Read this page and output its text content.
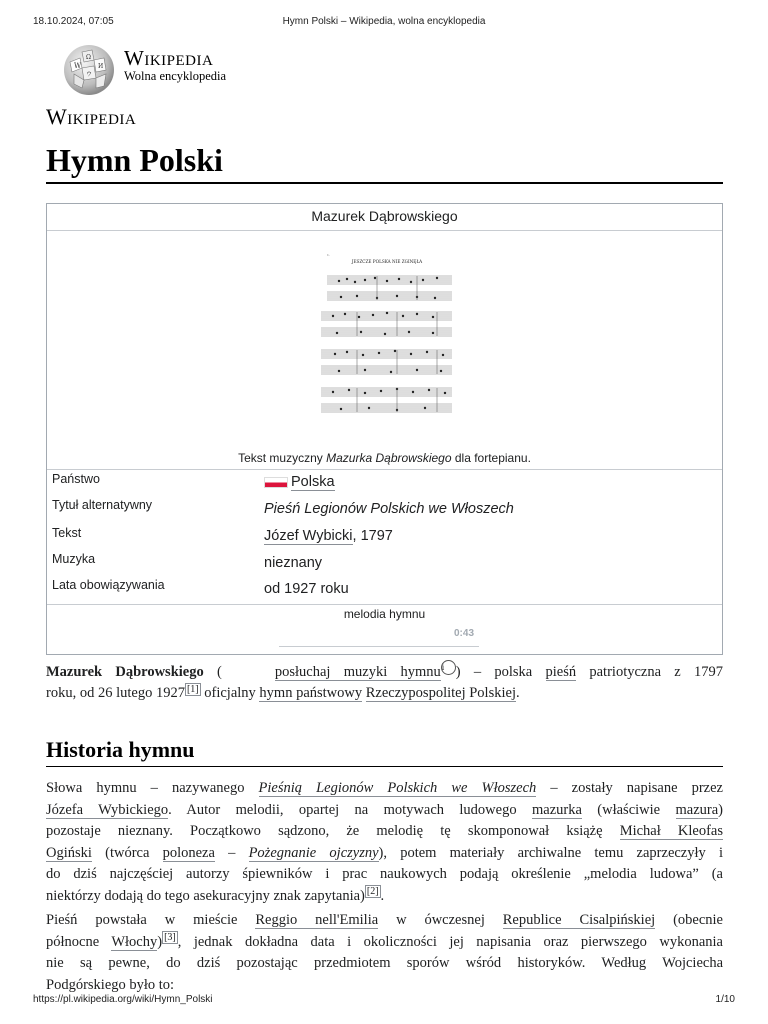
18.10.2024, 07:05	Hymn Polski – Wikipedia, wolna encyklopedia
W
Ω
И
ウ
Wikipedia
Wolna encyklopedia
Wikipedia
Hymn Polski
Mazurek Dąbrowskiego
1.
JESZCZE POLSKA NIE ZGINĘŁA
Tekst muzyczny Mazurka Dąbrowskiego dla fortepianu.
Państwo	Polska
Tytuł alternatywny	Pieśń Legionów Polskich we Włoszech
Tekst	Józef Wybicki, 1797
Muzyka	nieznany
Lata obowiązywania	od 1927 roku
melodia hymnu
0:43

Mazurek Dąbrowskiego (	posłuchaj muzyki hymnui ) – polska pieśń patriotyczna z 1797
roku, od 26 lutego 1927 [1] oficjalny hymn państwowy Rzeczypospolitej Polskiej.

Historia hymnu

Słowa hymnu – nazywanego Pieśnią Legionów Polskich we Włoszech – zostały napisane przez
Józefa Wybickiego. Autor melodii, opartej na motywach ludowego mazurka (właściwie mazura)
pozostaje nieznany. Początkowo sądzono, że melodię tę skomponował książę Michał Kleofas
Ogiński (twórca poloneza – Pożegnanie ojczyzny), potem materiały archiwalne temu zaprzeczyły i
do dziś najczęściej autorzy śpiewników i prac naukowych podają określenie „melodia ludowa” (a
niektórzy dodają do tego asekuracyjny znak zapytania) [2] .

Pieśń powstała w mieście Reggio nell'Emilia w ówczesnej Republice Cisalpińskiej (obecnie
północne Włochy) [3] , jednak dokładna data i okoliczności jej napisania oraz pierwszego wykonania
nie są pewne, do dziś pozostając przedmiotem sporów wśród historyków. Według Wojciecha
Podgórskiego było to:

https://pl.wikipedia.org/wiki/Hymn_Polski	1/10
